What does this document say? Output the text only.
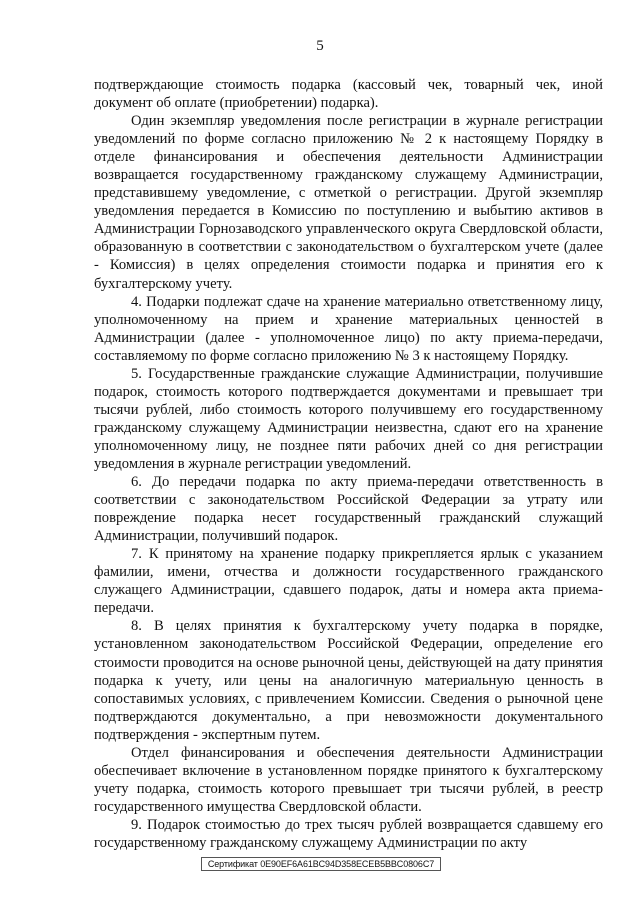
5

подтверждающие стоимость подарка (кассовый чек, товарный чек, иной документ об оплате (приобретении) подарка).

Один экземпляр уведомления после регистрации в журнале регистрации уведомлений по форме согласно приложению № 2 к настоящему Порядку в отделе финансирования и обеспечения деятельности Администрации возвращается государственному гражданскому служащему Администрации, представившему уведомление, с отметкой о регистрации. Другой экземпляр уведомления передается в Комиссию по поступлению и выбытию активов в Администрации Горнозаводского управленческого округа Свердловской области, образованную в соответствии с законодательством о бухгалтерском учете (далее - Комиссия) в целях определения стоимости подарка и принятия его к бухгалтерскому учету.

4. Подарки подлежат сдаче на хранение материально ответственному лицу, уполномоченному на прием и хранение материальных ценностей в Администрации (далее - уполномоченное лицо) по акту приема-передачи, составляемому по форме согласно приложению № 3 к настоящему Порядку.

5. Государственные гражданские служащие Администрации, получившие подарок, стоимость которого подтверждается документами и превышает три тысячи рублей, либо стоимость которого получившему его государственному гражданскому служащему Администрации неизвестна, сдают его на хранение уполномоченному лицу, не позднее пяти рабочих дней со дня регистрации уведомления в журнале регистрации уведомлений.

6. До передачи подарка по акту приема-передачи ответственность в соответствии с законодательством Российской Федерации за утрату или повреждение подарка несет государственный гражданский служащий Администрации, получивший подарок.

7. К принятому на хранение подарку прикрепляется ярлык с указанием фамилии, имени, отчества и должности государственного гражданского служащего Администрации, сдавшего подарок, даты и номера акта приема- передачи.

8. В целях принятия к бухгалтерскому учету подарка в порядке, установленном законодательством Российской Федерации, определение его стоимости проводится на основе рыночной цены, действующей на дату принятия подарка к учету, или цены на аналогичную материальную ценность в сопоставимых условиях, с привлечением Комиссии. Сведения о рыночной цене подтверждаются документально, а при невозможности документального подтверждения - экспертным путем.

Отдел финансирования и обеспечения деятельности Администрации обеспечивает включение в установленном порядке принятого к бухгалтерскому учету подарка, стоимость которого превышает три тысячи рублей, в реестр государственного имущества Свердловской области.

9. Подарок стоимостью до трех тысяч рублей возвращается сдавшему его государственному гражданскому служащему Администрации по акту

Сертификат 0E90EF6A61BC94D358ECEB5BBC0806C7
